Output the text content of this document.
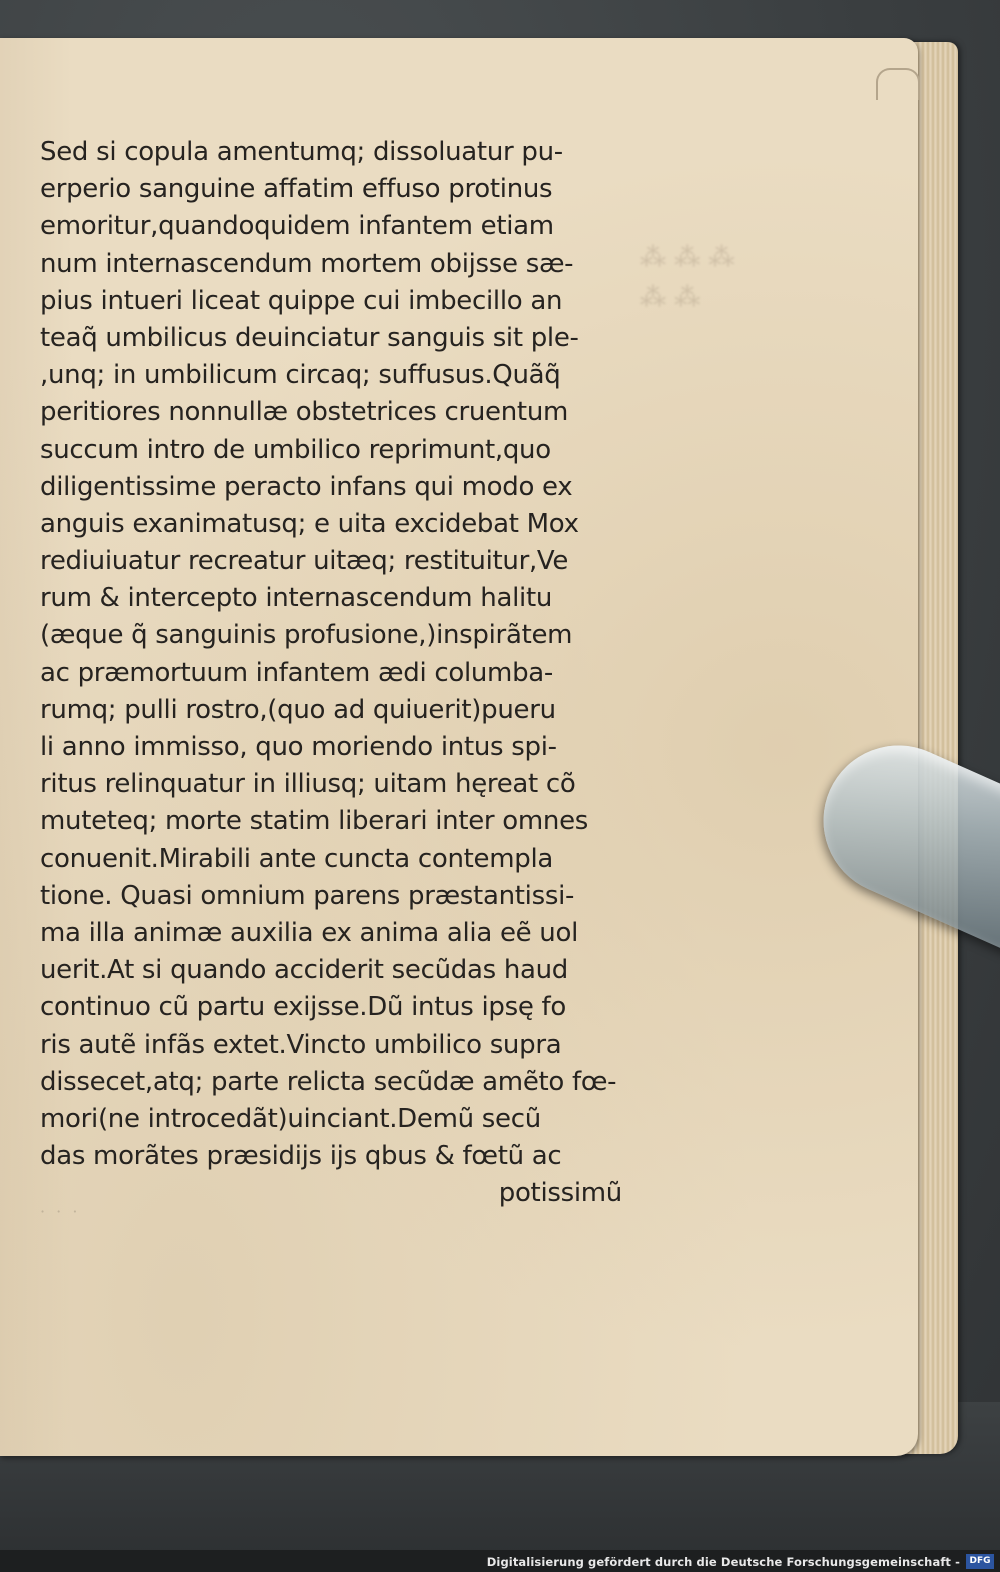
⁂ ⁂ ⁂
⁂ ⁂
Sed si copula amentumq; dissoluatur pu-
erperio sanguine affatim effuso protinus
emoritur,quandoquidem infantem etiam
num internascendum mortem obijsse sæ-
pius intueri liceat quippe cui imbecillo an
teaq̃ umbilicus deuinciatur sanguis sit ple-
,unq; in umbilicum circaq; suffusus.Quãq̃
peritiores nonnullæ obstetrices cruentum
succum intro de umbilico reprimunt,quo
diligentissime peracto infans qui modo ex
anguis exanimatusq; e uita excidebat Mox
rediuiuatur recreatur uitæq; restituitur,Ve
rum & intercepto internascendum halitu
(æque q̃ sanguinis profusione,)inspirãtem
ac præmortuum infantem ædi columba-
rumq; pulli rostro,(quo ad quiuerit)pueru
li anno immisso, quo moriendo intus spi-
ritus relinquatur in illiusq; uitam hęreat cõ
muteteq; morte statim liberari inter omnes
conuenit.Mirabili ante cuncta contempla
tione. Quasi omnium parens præstantissi-
ma illa animæ auxilia ex anima alia eẽ uol
uerit.At si quando acciderit secũdas haud
continuo cũ partu exijsse.Dũ intus ipsę fo
ris autẽ infãs extet.Vincto umbilico supra
dissecet,atq; parte relicta secũdæ amẽto fœ-
mori(ne introcedãt)uinciant.Demũ secũ
das morãtes præsidijs ijs qbus & fœtũ ac
potissimũ
· · ·
Digitalisierung gefördert durch die Deutsche Forschungsgemeinschaft -	DFG
